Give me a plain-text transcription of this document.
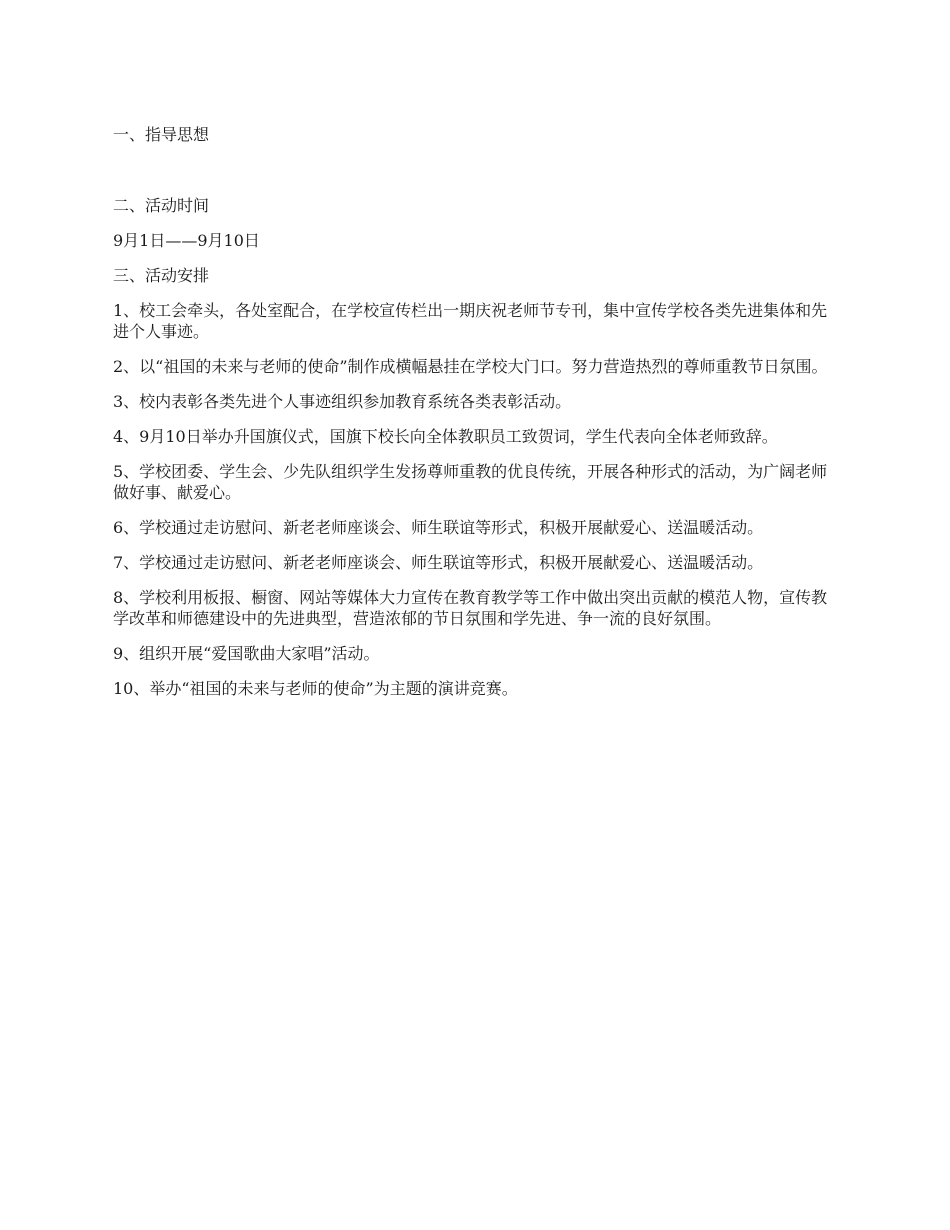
一、指导思想

二、活动时间

9月1日——9月10日

三、活动安排

1、校工会牵头，各处室配合，在学校宣传栏出一期庆祝老师节专刊，集中宣传学校各类先进集体和先进个人事迹。

2、以“祖国的未来与老师的使命”制作成横幅悬挂在学校大门口。努力营造热烈的尊师重教节日氛围。

3、校内表彰各类先进个人事迹组织参加教育系统各类表彰活动。

4、9月10日举办升国旗仪式，国旗下校长向全体教职员工致贺词，学生代表向全体老师致辞。

5、学校团委、学生会、少先队组织学生发扬尊师重教的优良传统，开展各种形式的活动，为广阔老师做好事、献爱心。

6、学校通过走访慰问、新老老师座谈会、师生联谊等形式，积极开展献爱心、送温暖活动。

7、学校通过走访慰问、新老老师座谈会、师生联谊等形式，积极开展献爱心、送温暖活动。

8、学校利用板报、橱窗、网站等媒体大力宣传在教育教学等工作中做出突出贡献的模范人物，宣传教学改革和师德建设中的先进典型，营造浓郁的节日氛围和学先进、争一流的良好氛围。

9、组织开展“爱国歌曲大家唱”活动。

10、举办“祖国的未来与老师的使命”为主题的演讲竞赛。
